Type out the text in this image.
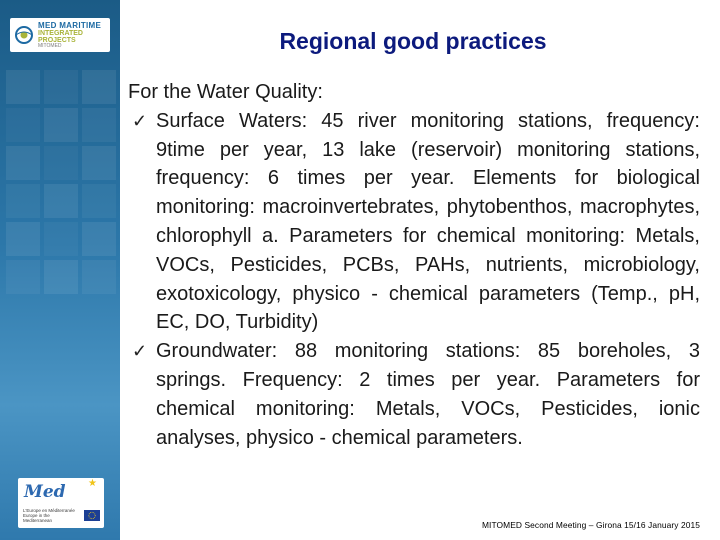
MED MARITIME
INTEGRATED PROJECTS
MITOMED
Med ★
L'Europe en Méditerranée Europe in the Mediterranean
Regional good practices

For the Water Quality:

✓ Surface Waters: 45 river monitoring stations, frequency: 9time per year, 13 lake (reservoir) monitoring stations, frequency: 6 times per year. Elements for biological monitoring: macroinvertebrates, phytobenthos, macrophytes, chlorophyll a. Parameters for chemical monitoring: Metals, VOCs, Pesticides, PCBs, PAHs, nutrients, microbiology, exotoxicology, physico - chemical parameters (Temp., pH, EC, DO, Turbidity)

✓ Groundwater: 88 monitoring stations: 85 boreholes, 3 springs. Frequency: 2 times per year. Parameters for chemical monitoring: Metals, VOCs, Pesticides, ionic analyses, physico - chemical parameters.

MITOMED Second Meeting – Girona 15/16 January 2015
